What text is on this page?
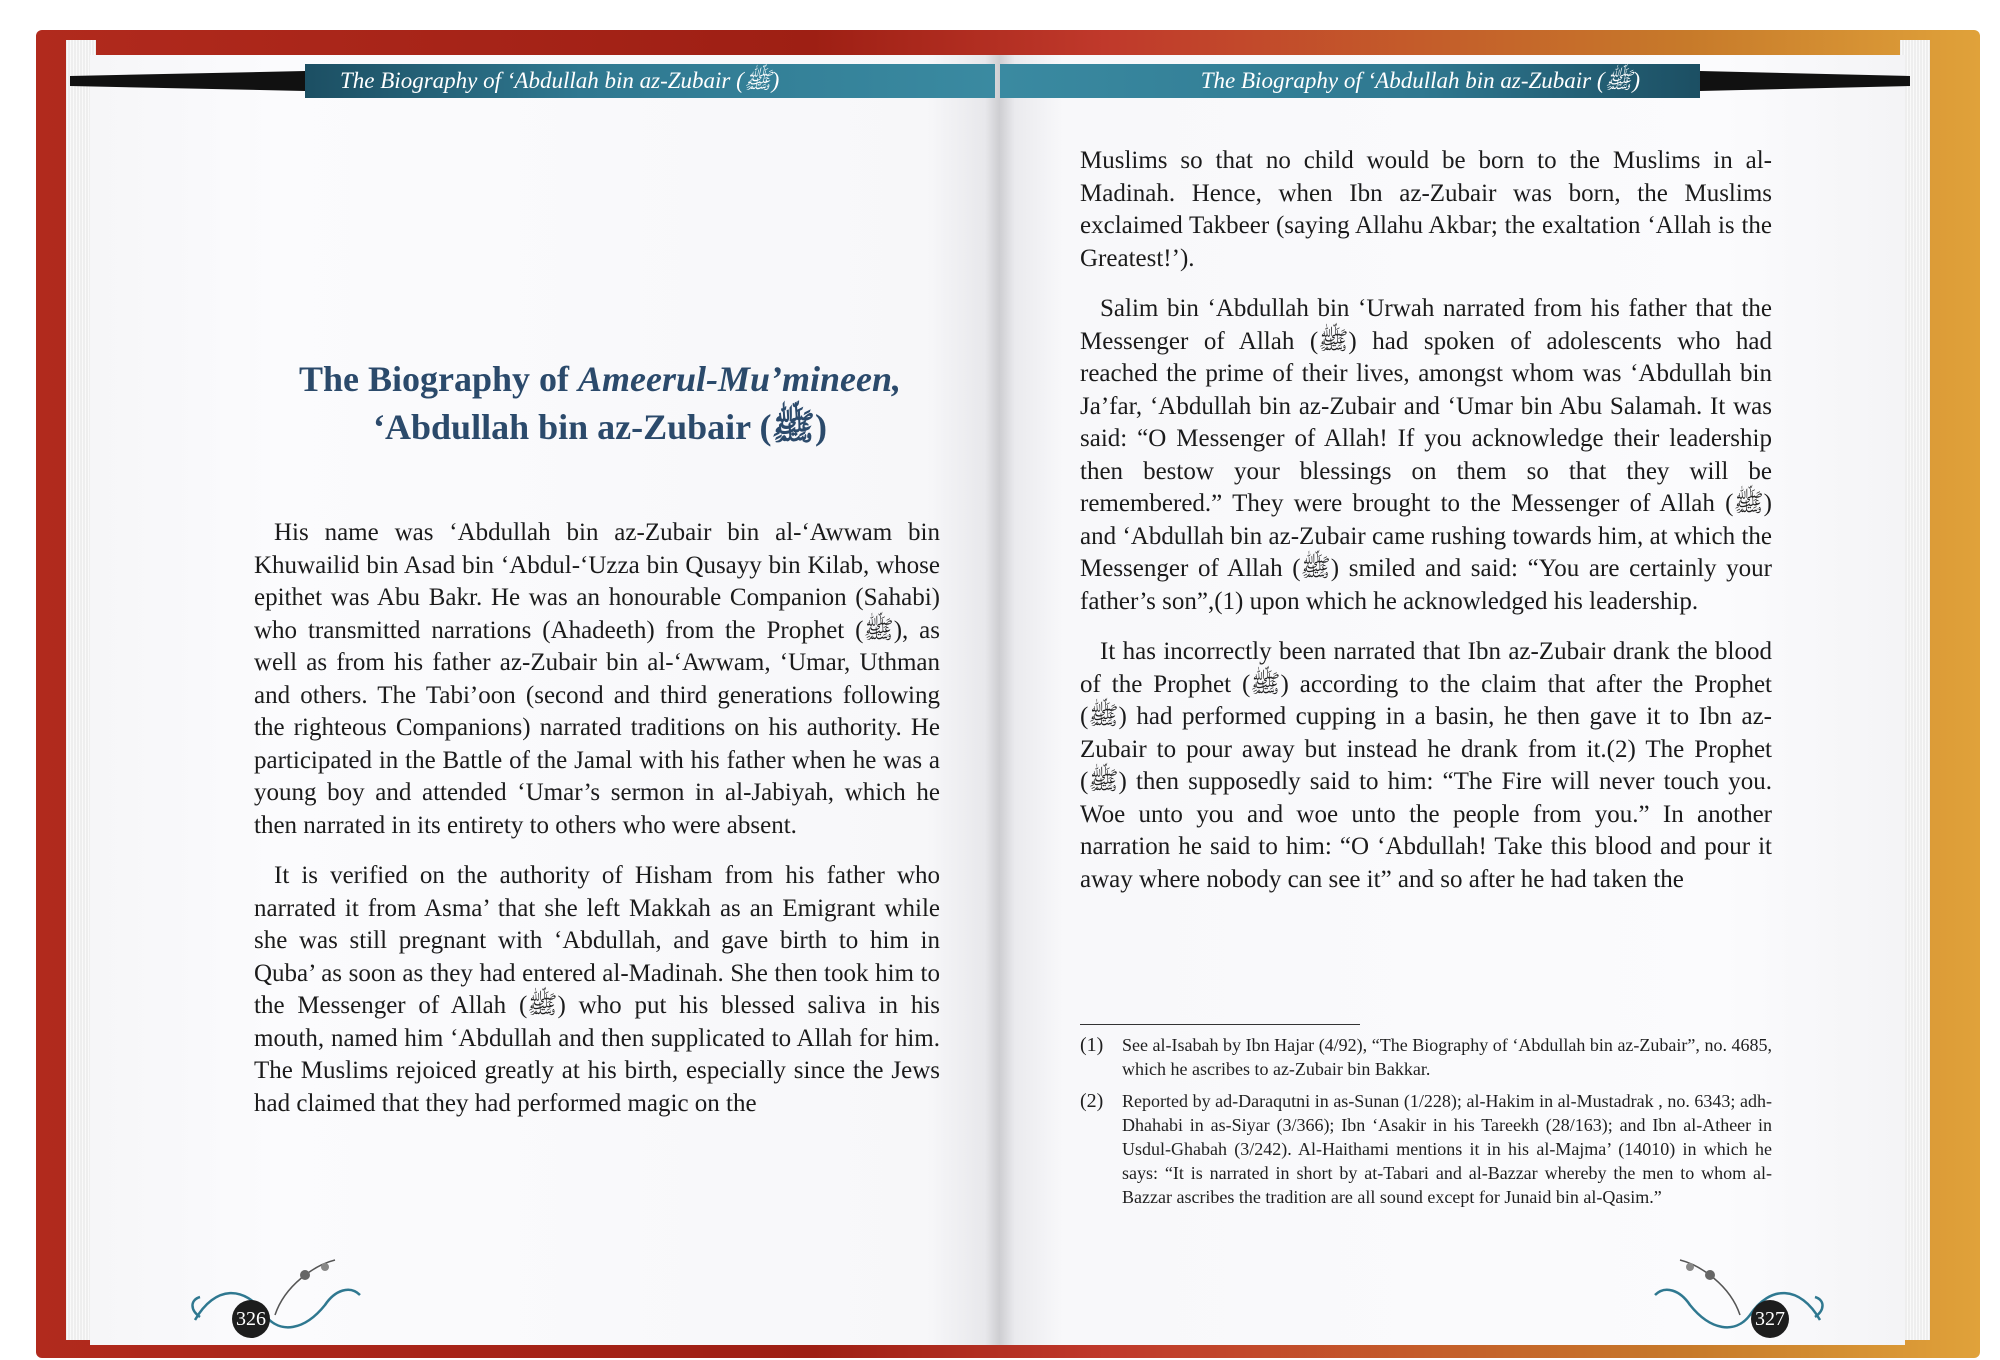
The Biography of ‘Abdullah bin az-Zubair (ﷺ)	The Biography of ‘Abdullah bin az-Zubair (ﷺ)
The Biography of Ameerul-Mu’mineen,
‘Abdullah bin az-Zubair (ﷺ)

His name was ‘Abdullah bin az-Zubair bin al-‘Awwam bin Khuwailid bin Asad bin ‘Abdul-‘Uzza bin Qusayy bin Kilab, whose epithet was Abu Bakr. He was an honourable Companion (Sahabi) who transmitted narrations (Ahadeeth) from the Prophet (ﷺ), as well as from his father az-Zubair bin al-‘Awwam, ‘Umar, Uthman and others. The Tabi’oon (second and third generations following the righteous Companions) narrated traditions on his authority. He participated in the Battle of the Jamal with his father when he was a young boy and attended ‘Umar’s sermon in al-Jabiyah, which he then narrated in its entirety to others who were absent.

It is verified on the authority of Hisham from his father who narrated it from Asma’ that she left Makkah as an Emigrant while she was still pregnant with ‘Abdullah, and gave birth to him in Quba’ as soon as they had entered al-Madinah. She then took him to the Messenger of Allah (ﷺ) who put his blessed saliva in his mouth, named him ‘Abdullah and then supplicated to Allah for him. The Muslims rejoiced greatly at his birth, especially since the Jews had claimed that they had performed magic on the

Muslims so that no child would be born to the Muslims in al-Madinah. Hence, when Ibn az-Zubair was born, the Muslims exclaimed Takbeer (saying Allahu Akbar; the exaltation ‘Allah is the Greatest!’).

Salim bin ‘Abdullah bin ‘Urwah narrated from his father that the Messenger of Allah (ﷺ) had spoken of adolescents who had reached the prime of their lives, amongst whom was ‘Abdullah bin Ja’far, ‘Abdullah bin az-Zubair and ‘Umar bin Abu Salamah. It was said: “O Messenger of Allah! If you acknowledge their leadership then bestow your blessings on them so that they will be remembered.” They were brought to the Messenger of Allah (ﷺ) and ‘Abdullah bin az-Zubair came rushing towards him, at which the Messenger of Allah (ﷺ) smiled and said: “You are certainly your father’s son”,(1) upon which he acknowledged his leadership.

It has incorrectly been narrated that Ibn az-Zubair drank the blood of the Prophet (ﷺ) according to the claim that after the Prophet (ﷺ) had performed cupping in a basin, he then gave it to Ibn az-Zubair to pour away but instead he drank from it.(2) The Prophet (ﷺ) then supposedly said to him: “The Fire will never touch you. Woe unto you and woe unto the people from you.” In another narration he said to him: “O ‘Abdullah! Take this blood and pour it away where nobody can see it” and so after he had taken the

(1)	See al-Isabah by Ibn Hajar (4/92), “The Biography of ‘Abdullah bin az-Zubair”, no. 4685, which he ascribes to az-Zubair bin Bakkar.
(2)	Reported by ad-Daraqutni in as-Sunan (1/228); al-Hakim in al-Mustadrak , no. 6343; adh-Dhahabi in as-Siyar (3/366); Ibn ‘Asakir in his Tareekh (28/163); and Ibn al-Atheer in Usdul-Ghabah (3/242). Al-Haithami mentions it in his al-Majma’ (14010) in which he says: “It is narrated in short by at-Tabari and al-Bazzar whereby the men to whom al-Bazzar ascribes the tradition are all sound except for Junaid bin al-Qasim.”
326	327
